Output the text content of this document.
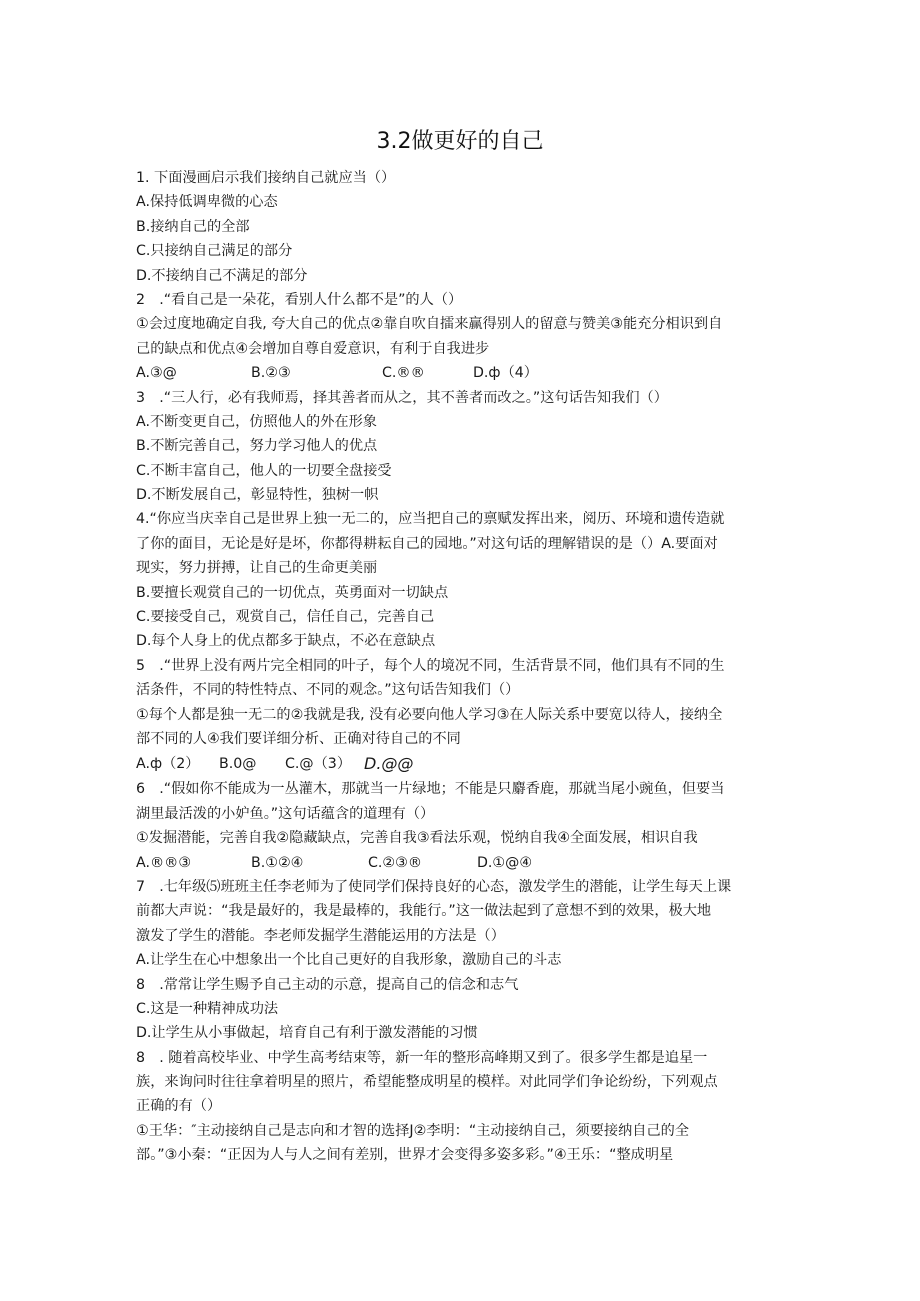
3.2做更好的自己
1. 下面漫画启示我们接纳自己就应当（）
A.保持低调卑微的心态
B.接纳自己的全部
C.只接纳自己满足的部分
D.不接纳自己不满足的部分
2　.“看自己是一朵花，看别人什么都不是”的人（）
①会过度地确定自我, 夸大自己的优点②靠自吹自擂来赢得别人的留意与赞美③能充分相识到自
己的缺点和优点④会增加自尊自爱意识，有利于自我进步
A.③@	B.②③	C.®®	D.ф（4）
3　.“三人行，必有我师焉，择其善者而从之，其不善者而改之。”这句话告知我们（）
A.不断变更自己，仿照他人的外在形象
B.不断完善自己，努力学习他人的优点
C.不断丰富自己，他人的一切要全盘接受
D.不断发展自己，彰显特性，独树一帜
4.“你应当庆幸自己是世界上独一无二的，应当把自己的禀赋发挥出来，阅历、环境和遗传造就
了你的面目，无论是好是坏，你都得耕耘自己的园地。”对这句话的理解错误的是（）A.要面对
现实，努力拼搏，让自己的生命更美丽
B.要擅长观赏自己的一切优点，英勇面对一切缺点
C.要接受自己，观赏自己，信任自己，完善自己
D.每个人身上的优点都多于缺点，不必在意缺点
5　.“世界上没有两片完全相同的叶子，每个人的境况不同，生活背景不同，他们具有不同的生
活条件，不同的特性特点、不同的观念。”这句话告知我们（）
①每个人都是独一无二的②我就是我, 没有必要向他人学习③在人际关系中要宽以待人，接纳全
部不同的人④我们要详细分析、正确对待自己的不同
A.ф（2）	B.0@	C.@（3） D.@@
6　.“假如你不能成为一丛灌木，那就当一片绿地；不能是只麝香鹿，那就当尾小豌鱼，但要当
湖里最活泼的小妒鱼。”这句话蕴含的道理有（）
①发掘潜能，完善自我②隐藏缺点，完善自我③看法乐观，悦纳自我④全面发展，相识自我
A.®®③	B.①②④	C.②③®	D.①@④
7　.七年级⑸班班主任李老师为了使同学们保持良好的心态，激发学生的潜能，让学生每天上课
前都大声说：“我是最好的，我是最棒的，我能行。”这一做法起到了意想不到的效果，极大地
激发了学生的潜能。李老师发掘学生潜能运用的方法是（）
A.让学生在心中想象出一个比自己更好的自我形象，激励自己的斗志
8　.常常让学生赐予自己主动的示意，提高自己的信念和志气
C.这是一种精神成功法
D.让学生从小事做起，培育自己有利于激发潜能的习惯
8　. 随着高校毕业、中学生高考结束等，新一年的整形高峰期又到了。很多学生都是追星一
族，来询问时往往拿着明星的照片，希望能整成明星的模样。对此同学们争论纷纷，下列观点
正确的有（）
①王华：″主动接纳自己是志向和才智的选择J②李明：“主动接纳自己，须要接纳自己的全
部。”③小秦：“正因为人与人之间有差别，世界才会变得多姿多彩。”④王乐：“整成明星
